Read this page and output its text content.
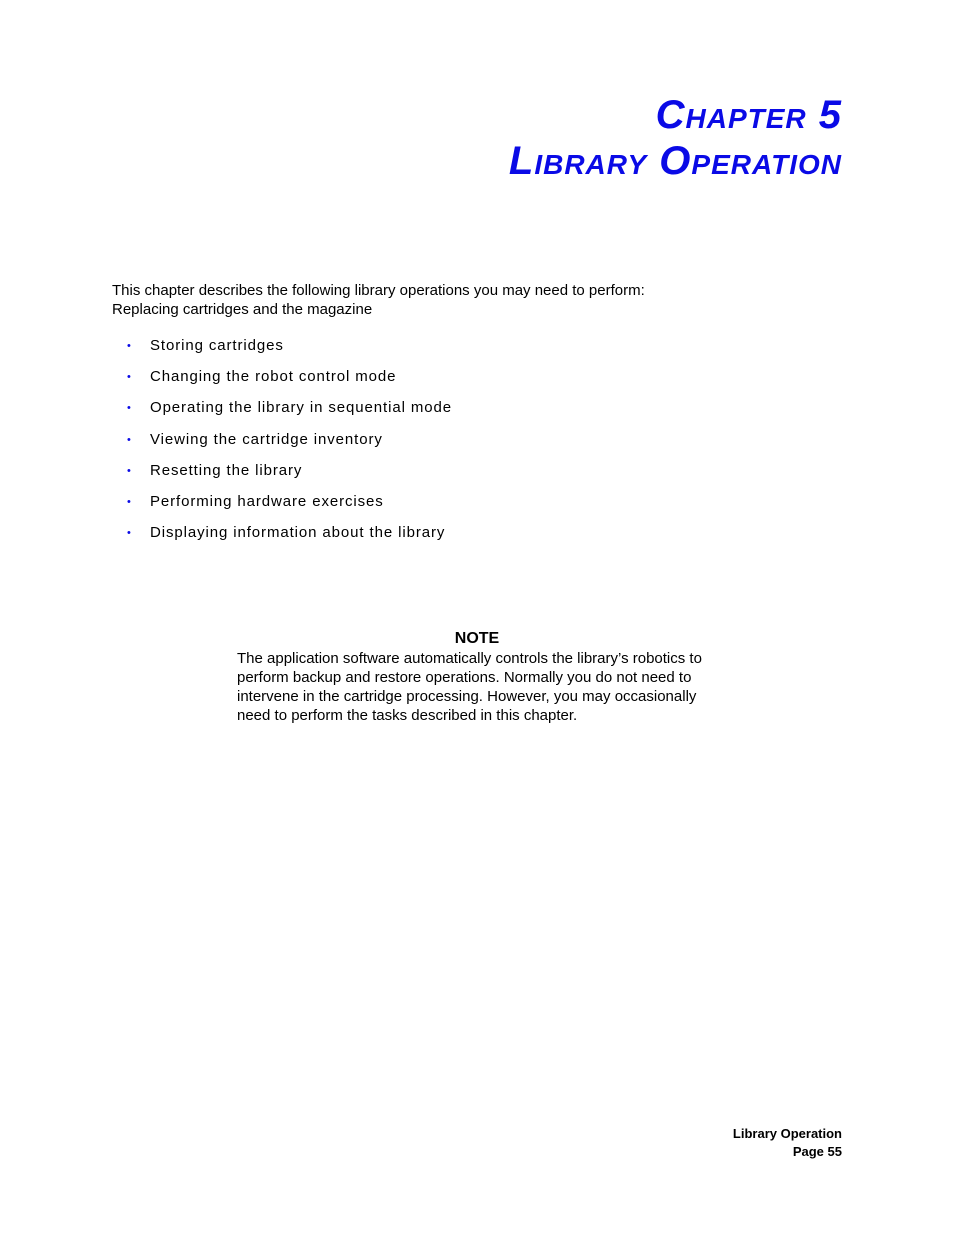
Chapter 5
Library Operation
This chapter describes the following library operations you may need to perform:
Replacing cartridges and the magazine
•	Storing cartridges
•	Changing the robot control mode
•	Operating the library in sequential mode
•	Viewing the cartridge inventory
•	Resetting the library
•	Performing hardware exercises
•	Displaying information about the library
NOTE
The application software automatically controls the library’s robotics to
perform backup and restore operations. Normally you do not need to
intervene in the cartridge processing. However, you may occasionally
need to perform the tasks described in this chapter.
Library Operation
Page 55
